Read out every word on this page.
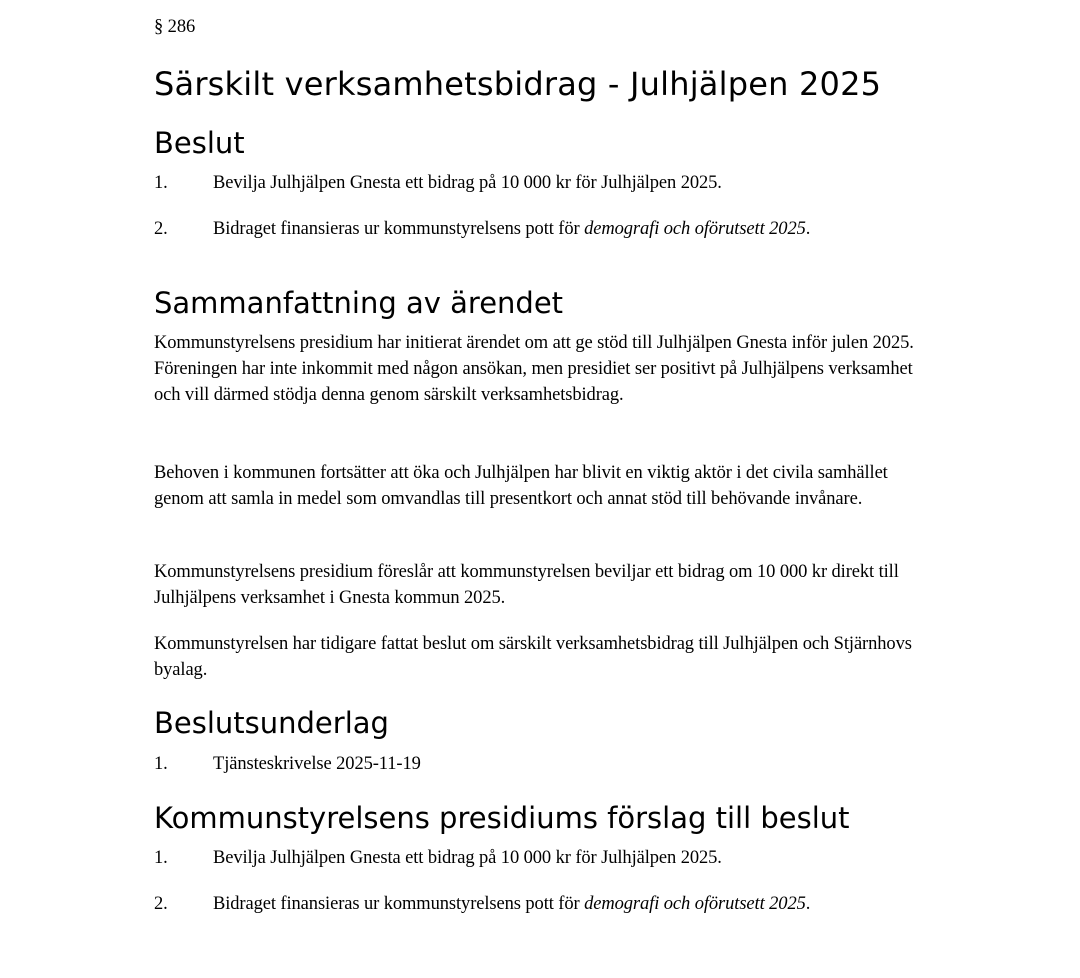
§ 286
Särskilt verksamhetsbidrag - Julhjälpen 2025
Beslut
1. Bevilja Julhjälpen Gnesta ett bidrag på 10 000 kr för Julhjälpen 2025.
2. Bidraget finansieras ur kommunstyrelsens pott för demografi och oförutsett 2025.
Sammanfattning av ärendet

Kommunstyrelsens presidium har initierat ärendet om att ge stöd till Julhjälpen Gnesta inför julen 2025. Föreningen har inte inkommit med någon ansökan, men presidiet ser positivt på Julhjälpens verksamhet och vill därmed stödja denna genom särskilt verksamhetsbidrag.

Behoven i kommunen fortsätter att öka och Julhjälpen har blivit en viktig aktör i det civila samhället genom att samla in medel som omvandlas till presentkort och annat stöd till behövande invånare.

Kommunstyrelsens presidium föreslår att kommunstyrelsen beviljar ett bidrag om 10 000 kr direkt till Julhjälpens verksamhet i Gnesta kommun 2025.

Kommunstyrelsen har tidigare fattat beslut om särskilt verksamhetsbidrag till Julhjälpen och Stjärnhovs byalag.

Beslutsunderlag
1. Tjänsteskrivelse 2025-11-19
Kommunstyrelsens presidiums förslag till beslut
1. Bevilja Julhjälpen Gnesta ett bidrag på 10 000 kr för Julhjälpen 2025.
2. Bidraget finansieras ur kommunstyrelsens pott för demografi och oförutsett 2025.
